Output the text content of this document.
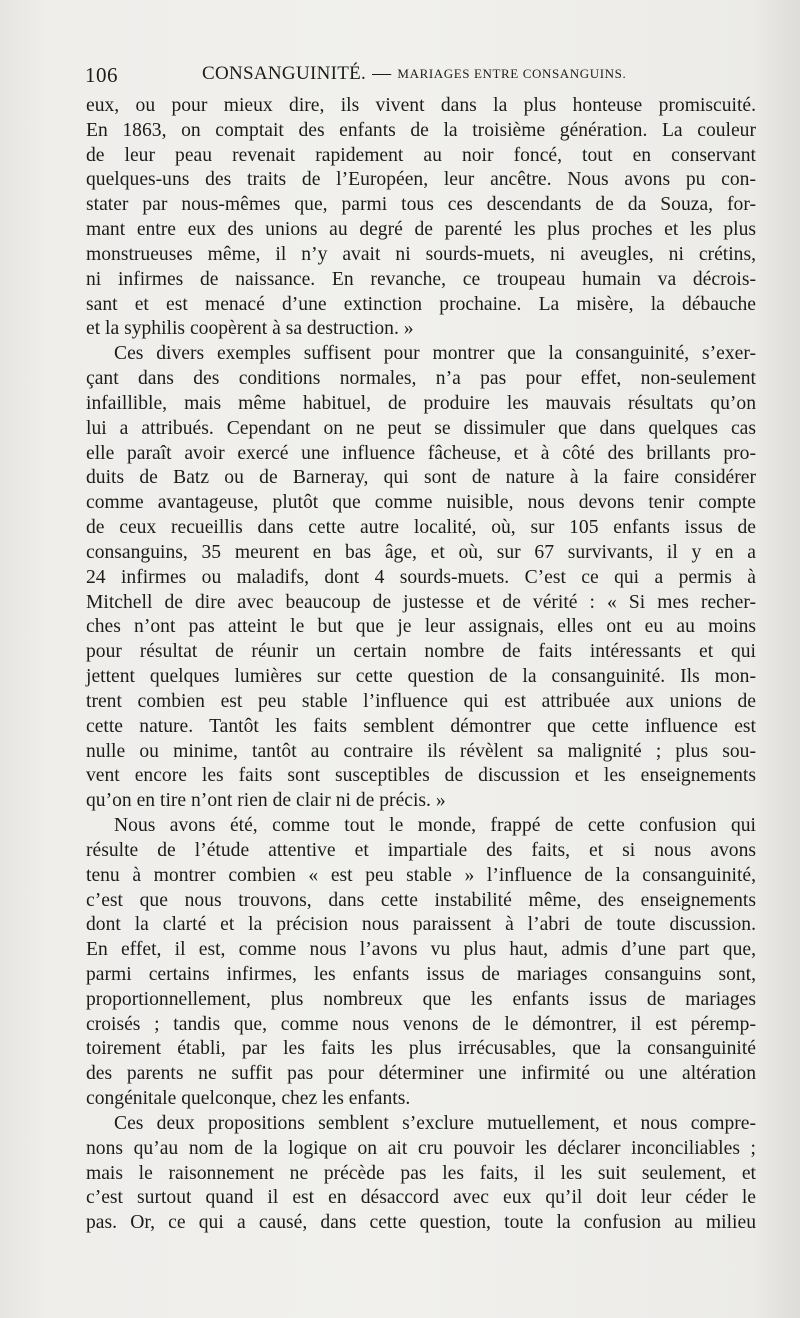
106	CONSANGUINITÉ. — MARIAGES ENTRE CONSANGUINS.
eux, ou pour mieux dire, ils vivent dans la plus honteuse promiscuité.
En 1863, on comptait des enfants de la troisième génération. La couleur
de leur peau revenait rapidement au noir foncé, tout en conservant
quelques-uns des traits de l’Européen, leur ancêtre. Nous avons pu con-
stater par nous-mêmes que, parmi tous ces descendants de da Souza, for-
mant entre eux des unions au degré de parenté les plus proches et les plus
monstrueuses même, il n’y avait ni sourds-muets, ni aveugles, ni crétins,
ni infirmes de naissance. En revanche, ce troupeau humain va décrois-
sant et est menacé d’une extinction prochaine. La misère, la débauche
et la syphilis coopèrent à sa destruction. »
Ces divers exemples suffisent pour montrer que la consanguinité, s’exer-
çant dans des conditions normales, n’a pas pour effet, non-seulement
infaillible, mais même habituel, de produire les mauvais résultats qu’on
lui a attribués. Cependant on ne peut se dissimuler que dans quelques cas
elle paraît avoir exercé une influence fâcheuse, et à côté des brillants pro-
duits de Batz ou de Barneray, qui sont de nature à la faire considérer
comme avantageuse, plutôt que comme nuisible, nous devons tenir compte
de ceux recueillis dans cette autre localité, où, sur 105 enfants issus de
consanguins, 35 meurent en bas âge, et où, sur 67 survivants, il y en a
24 infirmes ou maladifs, dont 4 sourds-muets. C’est ce qui a permis à
Mitchell de dire avec beaucoup de justesse et de vérité : « Si mes recher-
ches n’ont pas atteint le but que je leur assignais, elles ont eu au moins
pour résultat de réunir un certain nombre de faits intéressants et qui
jettent quelques lumières sur cette question de la consanguinité. Ils mon-
trent combien est peu stable l’influence qui est attribuée aux unions de
cette nature. Tantôt les faits semblent démontrer que cette influence est
nulle ou minime, tantôt au contraire ils révèlent sa malignité ; plus sou-
vent encore les faits sont susceptibles de discussion et les enseignements
qu’on en tire n’ont rien de clair ni de précis. »
Nous avons été, comme tout le monde, frappé de cette confusion qui
résulte de l’étude attentive et impartiale des faits, et si nous avons
tenu à montrer combien « est peu stable » l’influence de la consanguinité,
c’est que nous trouvons, dans cette instabilité même, des enseignements
dont la clarté et la précision nous paraissent à l’abri de toute discussion.
En effet, il est, comme nous l’avons vu plus haut, admis d’une part que,
parmi certains infirmes, les enfants issus de mariages consanguins sont,
proportionnellement, plus nombreux que les enfants issus de mariages
croisés ; tandis que, comme nous venons de le démontrer, il est péremp-
toirement établi, par les faits les plus irrécusables, que la consanguinité
des parents ne suffit pas pour déterminer une infirmité ou une altération
congénitale quelconque, chez les enfants.
Ces deux propositions semblent s’exclure mutuellement, et nous compre-
nons qu’au nom de la logique on ait cru pouvoir les déclarer inconciliables ;
mais le raisonnement ne précède pas les faits, il les suit seulement, et
c’est surtout quand il est en désaccord avec eux qu’il doit leur céder le
pas. Or, ce qui a causé, dans cette question, toute la confusion au milieu
